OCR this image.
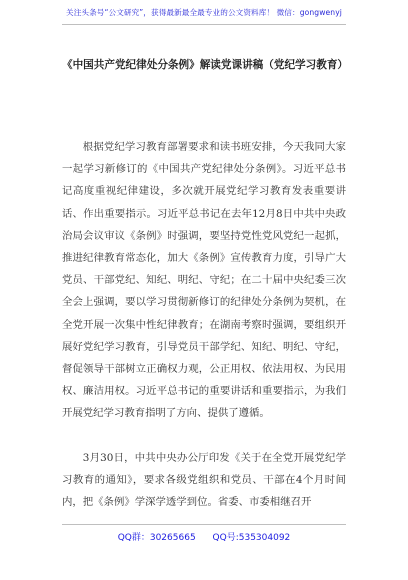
关注头条号“公文研究”，获得最新最全最专业的公文资料库！ 微信：gongwenyj
《中国共产党纪律处分条例》解读党课讲稿（党纪学习教育）

根据党纪学习教育部署要求和读书班安排，今天我同大家一起学习新修订的《中国共产党纪律处分条例》。习近平总书记高度重视纪律建设，多次就开展党纪学习教育发表重要讲话、作出重要指示。习近平总书记在去年12月8日中共中央政治局会议审议《条例》时强调，要坚持党性党风党纪一起抓，推进纪律教育常态化，加大《条例》宣传教育力度，引导广大党员、干部党纪、知纪、明纪、守纪；在二十届中央纪委三次全会上强调，要以学习贯彻新修订的纪律处分条例为契机，在全党开展一次集中性纪律教育；在湖南考察时强调，要组织开展好党纪学习教育，引导党员干部学纪、知纪、明纪、守纪，督促领导干部树立正确权力观，公正用权、依法用权、为民用权、廉洁用权。习近平总书记的重要讲话和重要指示，为我们开展党纪学习教育指明了方向、提供了遵循。

3月30日，中共中央办公厅印发《关于在全党开展党纪学习教育的通知》，要求各级党组织和党员、干部在4个月时间内，把《条例》学深学透学到位。省委、市委相继召开

QQ群：30265665 QQ号:535304092
